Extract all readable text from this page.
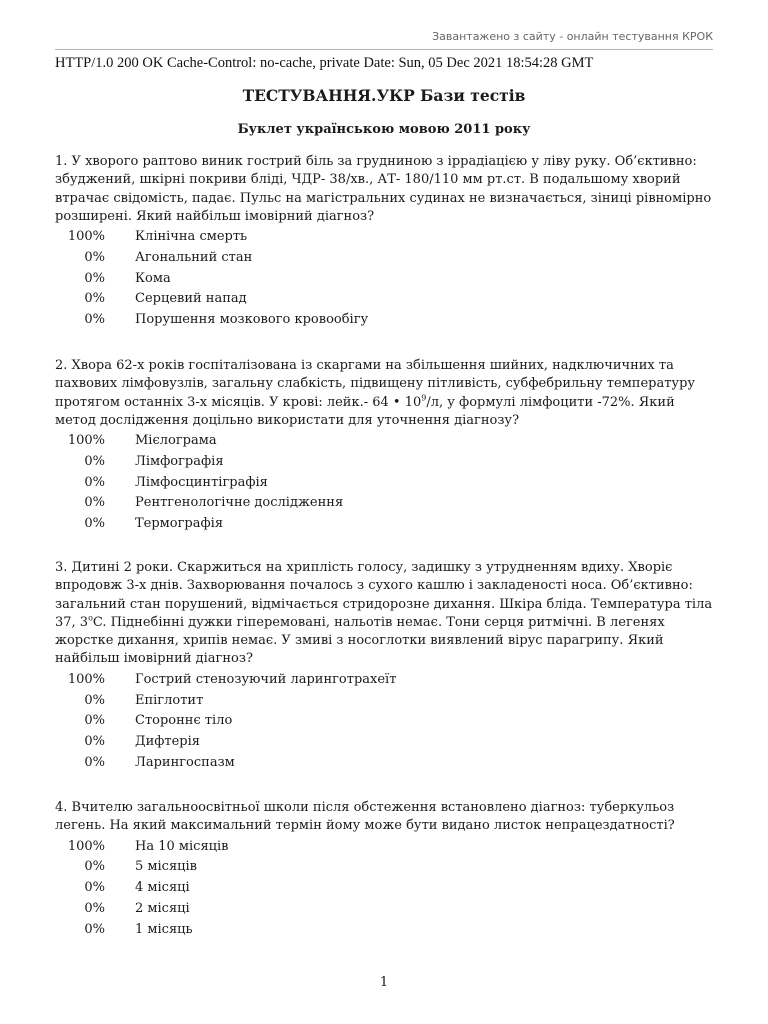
Завантажено з сайту - онлайн тестування КРОК
HTTP/1.0 200 OK Cache-Control: no-cache, private Date: Sun, 05 Dec 2021 18:54:28 GMT
ТЕСТУВАННЯ.УКР Бази тестів
Буклет українською мовою 2011 року

1. У хворого раптово виник гострий біль за грудниною з іррадіацією у ліву руку. Об’єктивно: збуджений, шкірні покриви бліді, ЧДР- 38/хв., АТ- 180/110 мм рт.ст. В подальшому хворий втрачає свідомість, падає. Пульс на магістральних судинах не визначається, зіниці рівномірно розширені. Який найбільш імовірний діагноз?

100% Клінічна смерть
0% Агональний стан
0% Кома
0% Серцевий напад
0% Порушення мозкового кровообігу

2. Хвора 62-х років госпіталізована із скаргами на збільшення шийних, надключичних та пахвових лімфовузлів, загальну слабкість, підвищену пітливість, субфебрильну температуру протягом останніх 3-х місяців. У крові: лейк.- 64 • $10^9/л$, у формулі лімфоцити -72%. Який метод дослідження доцільно використати для уточнення діагнозу?

100% Мієлограма
0% Лімфографія
0% Лімфосцинтіграфія
0% Рентгенологічне дослідження
0% Термографія

3. Дитині 2 роки. Скаржиться на хриплість голосу, задишку з утрудненням вдиху. Хворіє впродовж 3-х днів. Захворювання почалось з сухого кашлю і закладеності носа. Об’єктивно: загальний стан порушений, відмічається стридорозне дихання. Шкіра бліда. Температура тіла 37, 3$^o$C. Піднебінні дужки гіперемовані, нальотів немає. Тони серця ритмічні. В легенях жорстке дихання, хрипів немає. У змиві з носоглотки виявлений вірус парагрипу. Який найбільш імовірний діагноз?

100% Гострий стенозуючий ларинготрахеїт
0% Епіглотит
0% Стороннє тіло
0% Дифтерія
0% Ларингоспазм

4. Вчителю загальноосвітньої школи після обстеження встановлено діагноз: туберкульоз легень. На який максимальний термін йому може бути видано листок непрацездатності?

100% На 10 місяців
0% 5 місяців
0% 4 місяці
0% 2 місяці
0% 1 місяць
1
